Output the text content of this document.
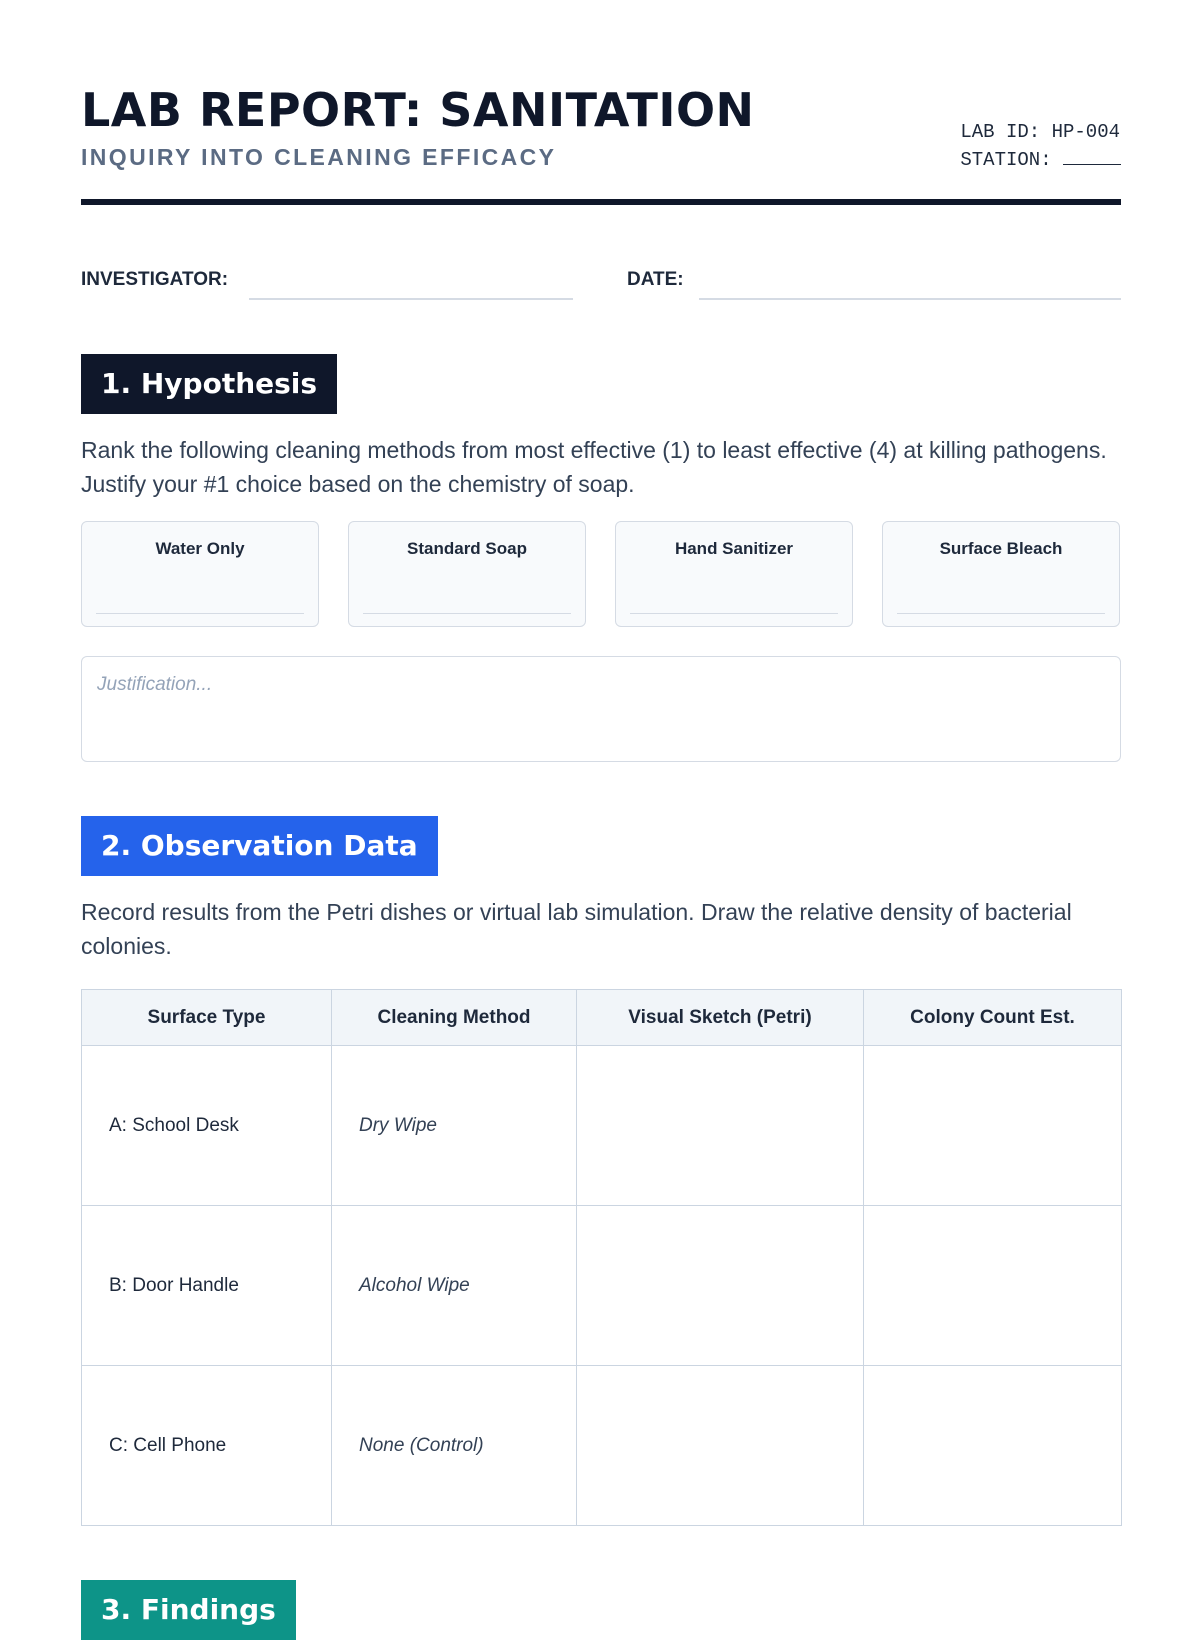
LAB REPORT: SANITATION
INQUIRY INTO CLEANING EFFICACY
LAB ID: HP-004
STATION:
INVESTIGATOR:	DATE:
1. Hypothesis
Rank the following cleaning methods from most effective (1) to least effective (4) at killing pathogens. Justify your #1 choice based on the chemistry of soap.
Water Only	Standard Soap	Hand Sanitizer	Surface Bleach
Justification...
2. Observation Data
Record results from the Petri dishes or virtual lab simulation. Draw the relative density of bacterial colonies.
Surface Type	Cleaning Method	Visual Sketch (Petri)	Colony Count Est.
A: School Desk	Dry Wipe		
B: Door Handle	Alcohol Wipe		
C: Cell Phone	None (Control)		
3. Findings
